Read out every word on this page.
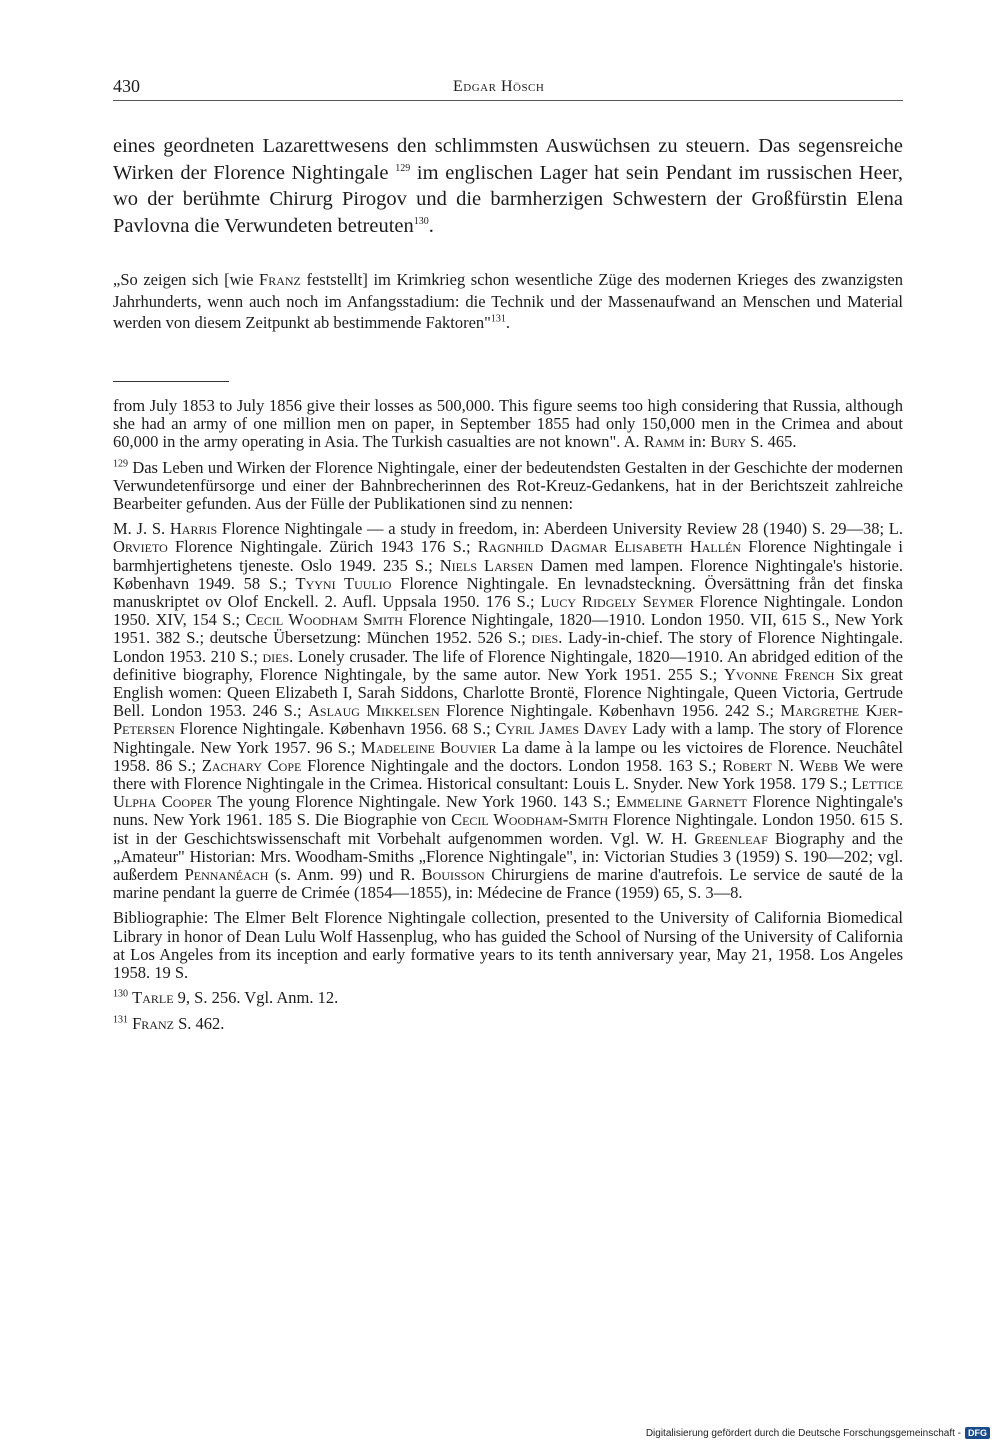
430	Edgar Hösch
eines geordneten Lazarettwesens den schlimmsten Auswüchsen zu steuern. Das segensreiche Wirken der Florence Nightingale $^{129}$ im englischen Lager hat sein Pendant im russischen Heer, wo der berühmte Chirurg Pirogov und die barmherzigen Schwestern der Großfürstin Elena Pavlovna die Verwundeten betreuten$^{130}$.
„So zeigen sich [wie Franz feststellt] im Krimkrieg schon wesentliche Züge des modernen Krieges des zwanzigsten Jahrhunderts, wenn auch noch im Anfangsstadium: die Technik und der Massenaufwand an Menschen und Material werden von diesem Zeitpunkt ab bestimmende Faktoren"$^{131}$.

from July 1853 to July 1856 give their losses as 500,000. This figure seems too high considering that Russia, although she had an army of one million men on paper, in September 1855 had only 150,000 men in the Crimea and about 60,000 in the army operating in Asia. The Turkish casualties are not known". A. Ramm in: Bury S. 465.

$^{129}$ Das Leben und Wirken der Florence Nightingale, einer der bedeutendsten Gestalten in der Geschichte der modernen Verwundetenfürsorge und einer der Bahnbrecherinnen des Rot-Kreuz-Gedankens, hat in der Berichtszeit zahlreiche Bearbeiter gefunden. Aus der Fülle der Publikationen sind zu nennen:

M. J. S. Harris Florence Nightingale — a study in freedom, in: Aberdeen University Review 28 (1940) S. 29—38; L. Orvieto Florence Nightingale. Zürich 1943 176 S.; Ragnhild Dagmar Elisabeth Hallén Florence Nightingale i barmhjertighetens tjeneste. Oslo 1949. 235 S.; Niels Larsen Damen med lampen. Florence Nightingale's historie. København 1949. 58 S.; Tyyni Tuulio Florence Nightingale. En levnadsteckning. Översättning från det finska manuskriptet ov Olof Enckell. 2. Aufl. Uppsala 1950. 176 S.; Lucy Ridgely Seymer Florence Nightingale. London 1950. XIV, 154 S.; Cecil Woodham Smith Florence Nightingale, 1820—1910. London 1950. VII, 615 S., New York 1951. 382 S.; deutsche Übersetzung: München 1952. 526 S.; dies. Lady-in-chief. The story of Florence Nightingale. London 1953. 210 S.; dies. Lonely crusader. The life of Florence Nightingale, 1820—1910. An abridged edition of the definitive biography, Florence Nightingale, by the same autor. New York 1951. 255 S.; Yvonne French Six great English women: Queen Elizabeth I, Sarah Siddons, Charlotte Brontë, Florence Nightingale, Queen Victoria, Gertrude Bell. London 1953. 246 S.; Aslaug Mikkelsen Florence Nightingale. København 1956. 242 S.; Margrethe Kjer-Petersen Florence Nightingale. København 1956. 68 S.; Cyril James Davey Lady with a lamp. The story of Florence Nightingale. New York 1957. 96 S.; Madeleine Bouvier La dame à la lampe ou les victoires de Florence. Neuchâtel 1958. 86 S.; Zachary Cope Florence Nightingale and the doctors. London 1958. 163 S.; Robert N. Webb We were there with Florence Nightingale in the Crimea. Historical consultant: Louis L. Snyder. New York 1958. 179 S.; Lettice Ulpha Cooper The young Florence Nightingale. New York 1960. 143 S.; Emmeline Garnett Florence Nightingale's nuns. New York 1961. 185 S. Die Biographie von Cecil Woodham-Smith Florence Nightingale. London 1950. 615 S. ist in der Geschichtswissenschaft mit Vorbehalt aufgenommen worden. Vgl. W. H. Greenleaf Biography and the „Amateur" Historian: Mrs. Woodham-Smiths „Florence Nightingale", in: Victorian Studies 3 (1959) S. 190—202; vgl. außerdem Pennanéach (s. Anm. 99) und R. Bouisson Chirurgiens de marine d'autrefois. Le service de sauté de la marine pendant la guerre de Crimée (1854—1855), in: Médecine de France (1959) 65, S. 3—8.

Bibliographie: The Elmer Belt Florence Nightingale collection, presented to the University of California Biomedical Library in honor of Dean Lulu Wolf Hassenplug, who has guided the School of Nursing of the University of California at Los Angeles from its inception and early formative years to its tenth anniversary year, May 21, 1958. Los Angeles 1958. 19 S.

$^{130}$ Tarle 9, S. 256. Vgl. Anm. 12.

$^{131}$ Franz S. 462.

Digitalisierung gefördert durch die Deutsche Forschungsgemeinschaft - DFG
